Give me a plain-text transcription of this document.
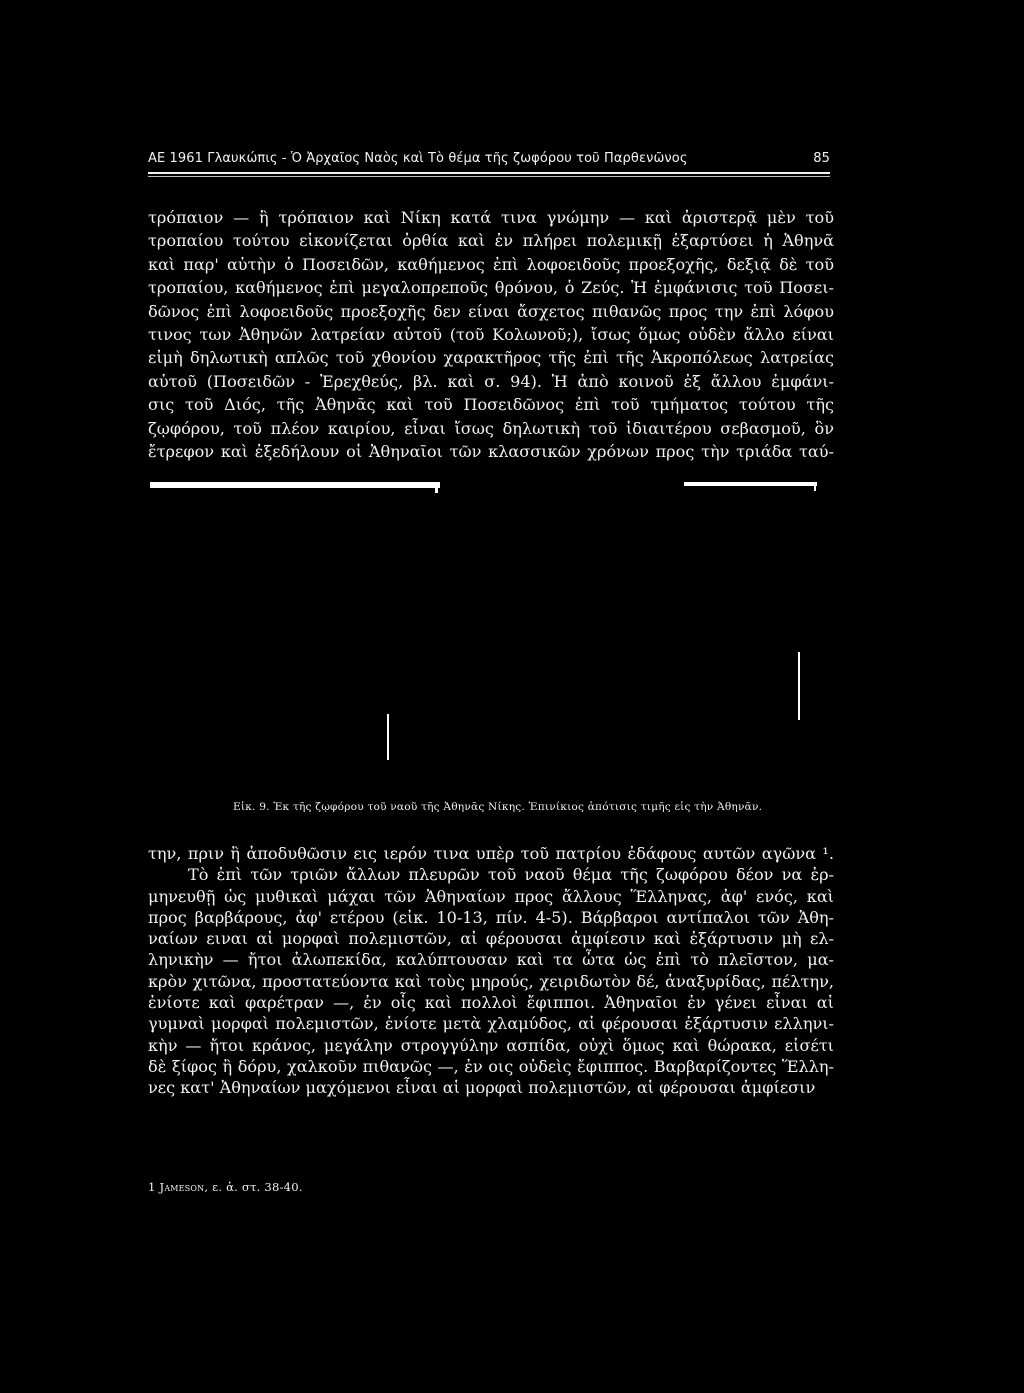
ΑΕ 1961 Γλαυκώπις - Ὁ Ἀρχαῖος Ναὸς καὶ Τὸ θέμα τῆς ζωφόρου τοῦ Παρθενῶνος	85
τρόπαιον — ἢ τρόπαιον καὶ Νίκη κατά τινα γνώμην — καὶ ἀριστερᾷ μὲν τοῦ
τροπαίου τούτου εἰκονίζεται ὀρθία καὶ ἐν πλήρει πολεμικῇ ἐξαρτύσει ἡ Ἀθηνᾶ
καὶ παρ' αὐτὴν ὁ Ποσειδῶν, καθήμενος ἐπὶ λοφοειδοῦς προεξοχῆς, δεξιᾷ δὲ τοῦ
τροπαίου, καθήμενος ἐπὶ μεγαλοπρεποῦς θρόνου, ὁ Ζεύς. Ἡ ἐμφάνισις τοῦ Ποσει-
δῶνος ἐπὶ λοφοειδοῦς προεξοχῆς δεν είναι ἄσχετος πιθανῶς προς την ἐπὶ λόφου
τινος των Ἀθηνῶν λατρείαν αὐτοῦ (τοῦ Κολωνοῦ;), ἴσως ὅμως οὐδὲν ἄλλο είναι
εἰμὴ δηλωτικὴ απλῶς τοῦ χθονίου χαρακτῆρος τῆς ἐπὶ τῆς Ἀκροπόλεως λατρείας
αὐτοῦ (Ποσειδῶν - Ἐρεχθεύς, βλ. καὶ σ. 94). Ἡ ἀπὸ κοινοῦ ἐξ ἄλλου ἐμφάνι-
σις τοῦ Διός, τῆς Ἀθηνᾶς καὶ τοῦ Ποσειδῶνος ἐπὶ τοῦ τμήματος τούτου τῆς
ζῳφόρου, τοῦ πλέον καιρίου, εἶναι ἴσως δηλωτικὴ τοῦ ἰδιαιτέρου σεβασμοῦ, ὃν
ἔτρεφον καὶ ἐξεδήλουν οἱ Ἀθηναῖοι τῶν κλασσικῶν χρόνων προς τὴν τριάδα ταύ-
Εἰκ. 9. Ἐκ τῆς ζῳφόρου τοῦ ναοῦ τῆς Ἀθηνᾶς Νίκης. Ἐπινίκιος ἀπότισις τιμῆς εἰς τὴν Ἀθηνᾶν.
την, πριν ἢ ἀποδυθῶσιν εις ιερόν τινα υπὲρ τοῦ πατρίου ἐδάφους αυτῶν αγῶνα ¹.
Τὸ ἐπὶ τῶν τριῶν ἄλλων πλευρῶν τοῦ ναοῦ θέμα τῆς ζωφόρου δέον να ἑρ-
μηνευθῇ ὡς μυθικαὶ μάχαι τῶν Ἀθηναίων προς ἄλλους Ἕλληνας, ἀφ' ενός, καὶ
προς βαρβάρους, ἀφ' ετέρου (εἰκ. 10-13, πίν. 4-5). Βάρβαροι αντίπαλοι τῶν Ἀθη-
ναίων ειναι αἱ μορφαὶ πολεμιστῶν, αἱ φέρουσαι ἀμφίεσιν καὶ ἐξάρτυσιν μὴ ελ-
ληνικὴν — ἤτοι ἀλωπεκίδα, καλύπτουσαν καὶ τα ὦτα ὡς ἐπὶ τὸ πλεῖστον, μα-
κρὸν χιτῶνα, προστατεύοντα καὶ τοὺς μηρούς, χειριδωτὸν δέ, ἀναξυρίδας, πέλτην,
ἐνίοτε καὶ φαρέτραν —, ἐν οἷς καὶ πολλοὶ ἔφιπποι. Ἀθηναῖοι ἐν γένει εἶναι αἱ
γυμναὶ μορφαὶ πολεμιστῶν, ἐνίοτε μετὰ χλαμύδος, αἱ φέρουσαι ἐξάρτυσιν ελληνι-
κὴν — ἤτοι κράνος, μεγάλην στρογγύλην ασπίδα, οὐχὶ ὅμως καὶ θώρακα, εἰσέτι
δὲ ξίφος ἢ δόρυ, χαλκοῦν πιθανῶς —, ἐν οις οὐδεὶς ἔφιππος. Βαρβαρίζοντες Ἕλλη-
νες κατ' Ἀθηναίων μαχόμενοι εἶναι αἱ μορφαὶ πολεμιστῶν, αἱ φέρουσαι ἀμφίεσιν
1 Jameson, ε. ἀ. στ. 38-40.
